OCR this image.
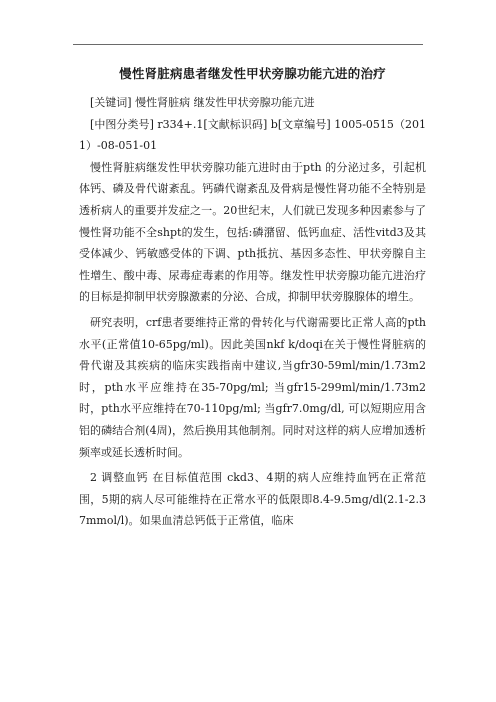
慢性肾脏病患者继发性甲状旁腺功能亢进的治疗

[关键词] 慢性肾脏病 继发性甲状旁腺功能亢进

[中图分类号] r334+.1[文献标识码] b[文章编号] 1005-0515（2011）-08-051-01

慢性肾脏病继发性甲状旁腺功能亢进时由于pth 的分泌过多，引起机体钙、磷及骨代谢紊乱。钙磷代谢紊乱及骨病是慢性肾功能不全特别是透析病人的重要并发症之一。20世纪末，人们就已发现多种因素参与了慢性肾功能不全shpt的发生，包括:磷潴留、低钙血症、活性vitd3及其受体减少、钙敏感受体的下调、pth抵抗、基因多态性、甲状旁腺自主性增生、酸中毒、尿毒症毒素的作用等。继发性甲状旁腺功能亢进治疗的目标是抑制甲状旁腺激素的分泌、合成，抑制甲状旁腺腺体的增生。

研究表明，crf患者要维持正常的骨转化与代谢需要比正常人高的pth水平(正常值10-65pg/ml)。因此美国nkf k/doqi在关于慢性肾脏病的骨代谢及其疾病的临床实践指南中建议,当gfr30-59ml/min/1.73m2时，pth水平应维持在35-70pg/ml; 当gfr15-299ml/min/1.73m2时，pth水平应维持在70-110pg/ml; 当gfr7.0mg/dl, 可以短期应用含铝的磷结合剂(4周)，然后换用其他制剂。同时对这样的病人应增加透析频率或延长透析时间。

2 调整血钙 在目标值范围 ckd3、4期的病人应维持血钙在正常范围，5期的病人尽可能维持在正常水平的低限即8.4-9.5mg/dl(2.1-2.37mmol/l)。如果血清总钙低于正常值，临床
